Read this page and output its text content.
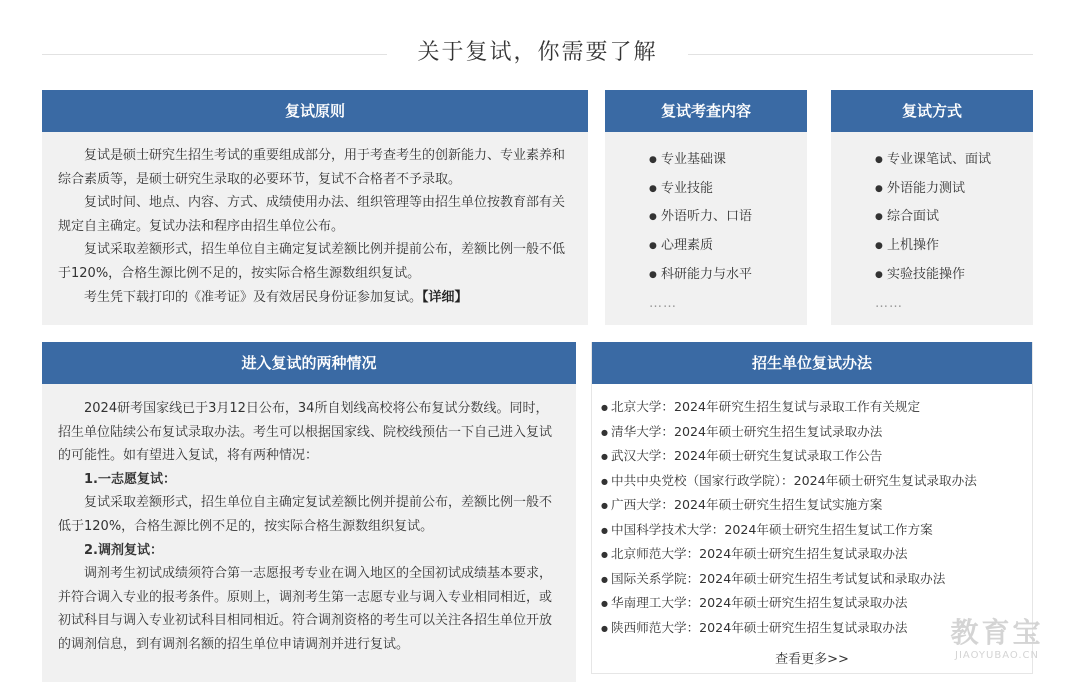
关于复试，你需要了解
复试原则

复试是硕士研究生招生考试的重要组成部分，用于考查考生的创新能力、专业素养和综合素质等，是硕士研究生录取的必要环节，复试不合格者不予录取。

复试时间、地点、内容、方式、成绩使用办法、组织管理等由招生单位按教育部有关规定自主确定。复试办法和程序由招生单位公布。

复试采取差额形式，招生单位自主确定复试差额比例并提前公布，差额比例一般不低于120%，合格生源比例不足的，按实际合格生源数组织复试。

考生凭下载打印的《准考证》及有效居民身份证参加复试。【详细】

复试考查内容
● 专业基础课
● 专业技能
● 外语听力、口语
● 心理素质
● 科研能力与水平
……
复试方式
● 专业课笔试、面试
● 外语能力测试
● 综合面试
● 上机操作
● 实验技能操作
……
进入复试的两种情况

2024研考国家线已于3月12日公布，34所自划线高校将公布复试分数线。同时，招生单位陆续公布复试录取办法。考生可以根据国家线、院校线预估一下自己进入复试的可能性。如有望进入复试，将有两种情况：

1.一志愿复试：

复试采取差额形式，招生单位自主确定复试差额比例并提前公布，差额比例一般不低于120%，合格生源比例不足的，按实际合格生源数组织复试。

2.调剂复试：

调剂考生初试成绩须符合第一志愿报考专业在调入地区的全国初试成绩基本要求，并符合调入专业的报考条件。原则上，调剂考生第一志愿专业与调入专业相同相近，或初试科目与调入专业初试科目相同相近。符合调剂资格的考生可以关注各招生单位开放的调剂信息，到有调剂名额的招生单位申请调剂并进行复试。

招生单位复试办法
● 北京大学：2024年研究生招生复试与录取工作有关规定
● 清华大学：2024年硕士研究生招生复试录取办法
● 武汉大学：2024年硕士研究生复试录取工作公告
● 中共中央党校（国家行政学院）：2024年硕士研究生复试录取办法
● 广西大学：2024年硕士研究生招生复试实施方案
● 中国科学技术大学：2024年硕士研究生招生复试工作方案
● 北京师范大学：2024年硕士研究生招生复试录取办法
● 国际关系学院：2024年硕士研究生招生考试复试和录取办法
● 华南理工大学：2024年硕士研究生招生复试录取办法
● 陕西师范大学：2024年硕士研究生招生复试录取办法
查看更多>>
教育宝
JIAOYUBAO.CN
